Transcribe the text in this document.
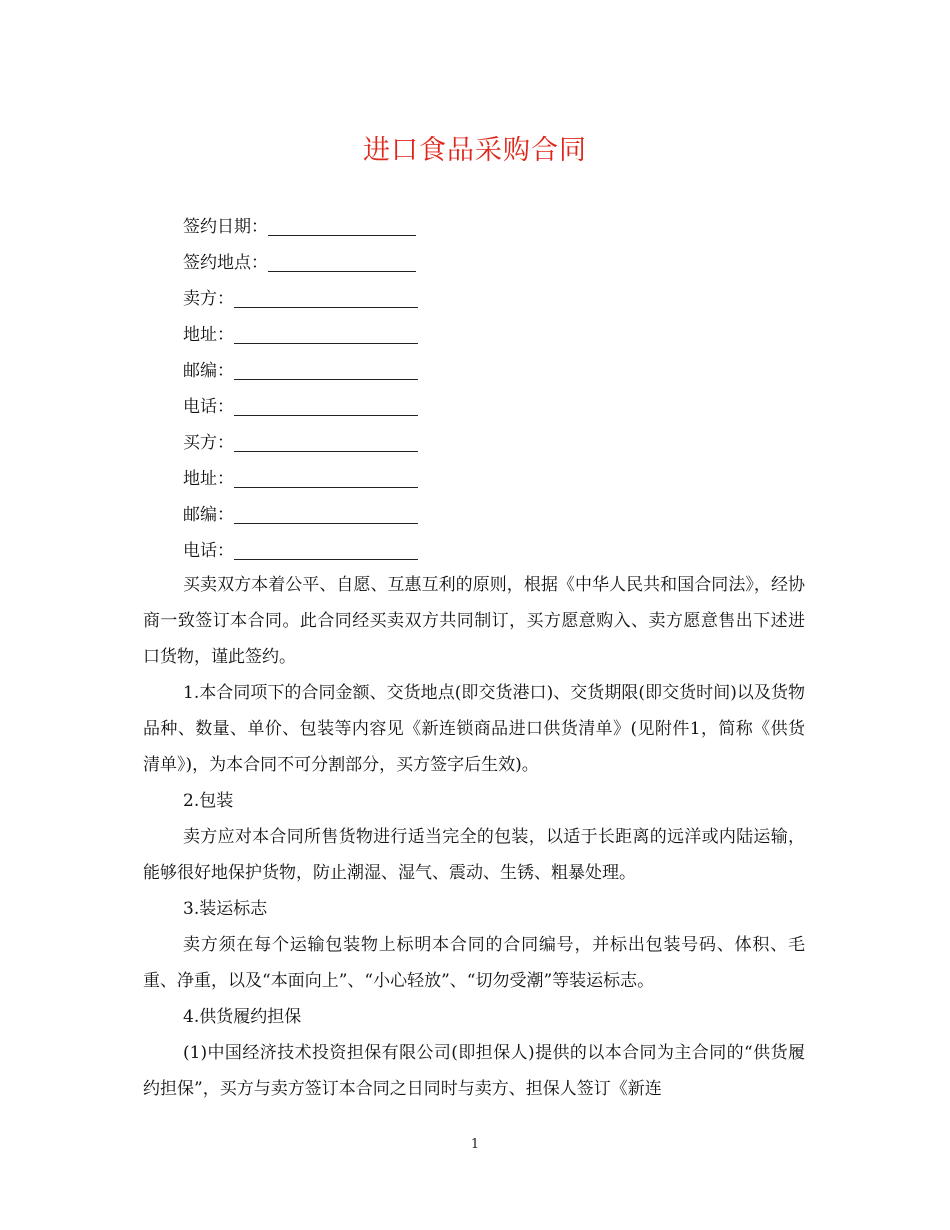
进口食品采购合同
签约日期：
签约地点：
卖方：
地址：
邮编：
电话：
买方：
地址：
邮编：
电话：

买卖双方本着公平、自愿、互惠互利的原则，根据《中华人民共和国合同法》，经协商一致签订本合同。此合同经买卖双方共同制订，买方愿意购入、卖方愿意售出下述进口货物，谨此签约。

1.本合同项下的合同金额、交货地点(即交货港口)、交货期限(即交货时间)以及货物品种、数量、单价、包装等内容见《新连锁商品进口供货清单》(见附件1，简称《供货清单》)，为本合同不可分割部分，买方签字后生效)。

2.包装

卖方应对本合同所售货物进行适当完全的包装，以适于长距离的远洋或内陆运输，能够很好地保护货物，防止潮湿、湿气、震动、生锈、粗暴处理。

3.装运标志

卖方须在每个运输包装物上标明本合同的合同编号，并标出包装号码、体积、毛重、净重，以及“本面向上”、“小心轻放”、“切勿受潮”等装运标志。

4.供货履约担保

(1)中国经济技术投资担保有限公司(即担保人)提供的以本合同为主合同的“供货履约担保”，买方与卖方签订本合同之日同时与卖方、担保人签订《新连

1
